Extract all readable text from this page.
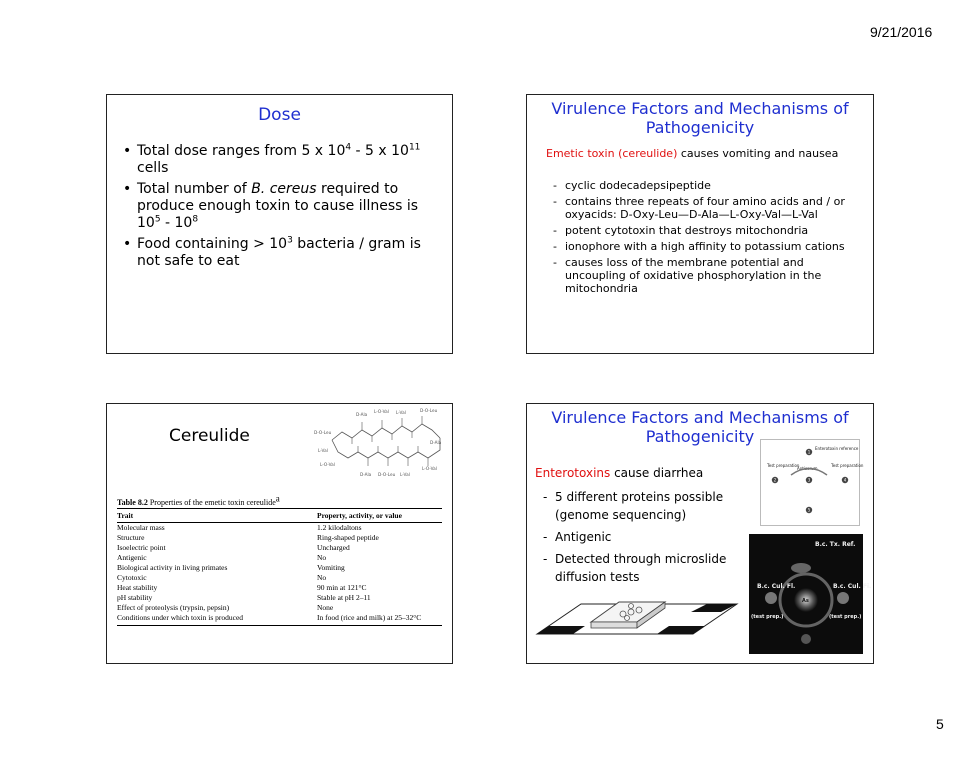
9/21/2016
Dose
• Total dose ranges from 5 x $10^4 - 5$ x $10^{11}$ cells
• Total number of B. cereus required to produce enough toxin to cause illness is $10^5 - 10^8$
• Food containing > $10^3$ bacteria / gram is not safe to eat
Virulence Factors and Mechanisms of Pathogenicity
Emetic toxin (cereulide) causes vomiting and nausea
- cyclic dodecadepsipeptide
- contains three repeats of four amino acids and / or oxyacids: D-Oxy-Leu—D-Ala—L-Oxy-Val—L-Val
- potent cytotoxin that destroys mitochondria
- ionophore with a high affinity to potassium cations
- causes loss of the membrane potential and uncoupling of oxidative phosphorylation in the mitochondria
Cereulide
D-Ala
L-O-Val L-Val	D-O-Leu
D-O-Leu
D-Ala
L-Val
L-O-Val
D-Ala D-O-Leu L-Val
L-O-Val
Table 8.2 Properties of the emetic toxin cereulide$^a$
Trait	Property, activity, or value
Molecular mass	1.2 kilodaltons
Structure	Ring-shaped peptide
Isoelectric point	Uncharged
Antigenic	No
Biological activity in living primates	Vomiting
Cytotoxic	No
Heat stability	90 min at 121°C
pH stability	Stable at pH 2–11
Effect of proteolysis (trypsin, pepsin)	None
Conditions under which toxin is produced	In food (rice and milk) at 25–32°C
Virulence Factors and Mechanisms of Pathogenicity
Enterotoxins cause diarrhea
- 5 different proteins possible (genome sequencing)
- Antigenic
- Detected through microslide diffusion tests
1
Enterotoxin reference
Test preparation
Antiserum
Test preparation
2	3	4
5
B.c. Tx. Ref.
B.c. Cul. Fl.	B.c. Cul. Fi.
As
(test prep.)	(test prep.)
5
